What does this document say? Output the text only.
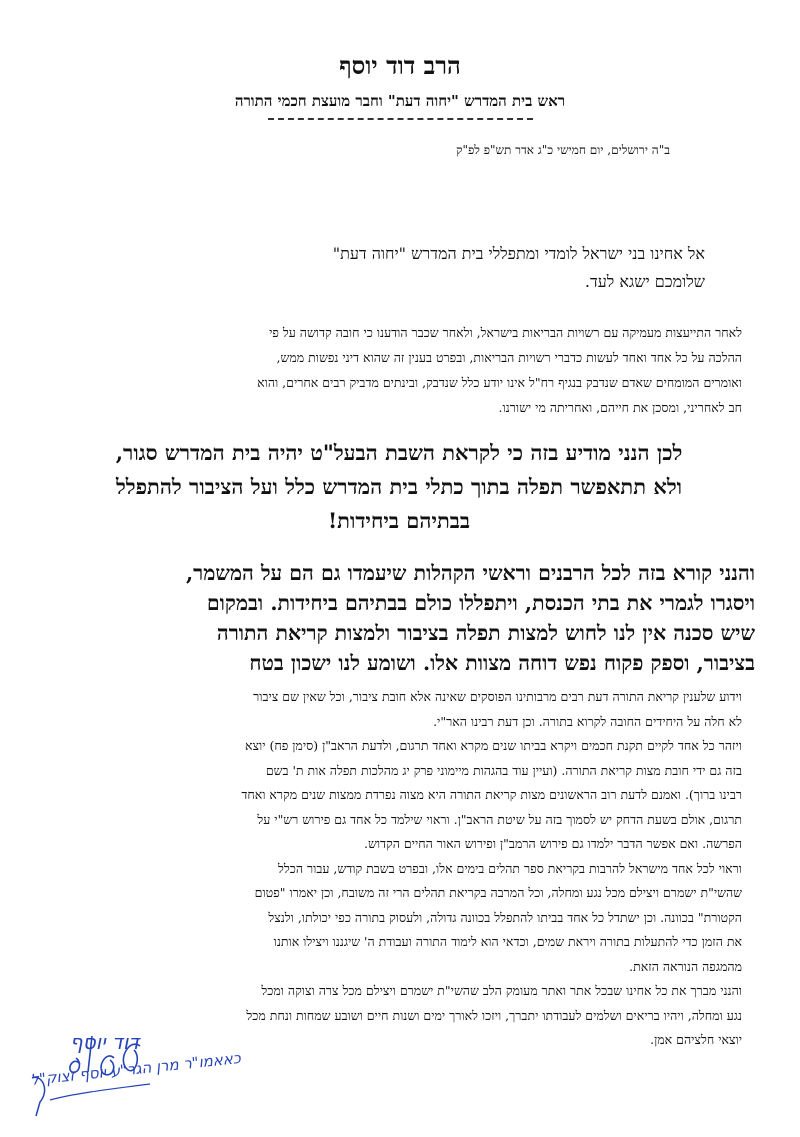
הרב דוד יוסף
ראש בית המדרש "יחוה דעת" וחבר מועצת חכמי התורה
ב"ה ירושלים, יום חמישי כ"ג אדר תש"פ לפ"ק
אל אחינו בני ישראל לומדי ומתפללי בית המדרש "יחוה דעת"
שלומכם ישגא לעד.
לאחר התייעצות מעמיקה עם רשויות הבריאות בישראל, ולאחר שכבר הודענו כי חובה קדושה על פי
ההלכה על כל אחד ואחד לעשות כדברי רשויות הבריאות, ובפרט בענין זה שהוא דיני נפשות ממש,
ואומרים המומחים שאדם שנדבק בנגיף רח"ל אינו יודע כלל שנדבק, ובינתים מדביק רבים אחרים, והוא
חב לאחריני, ומסכן את חייהם, ואחריתה מי ישורנו.
לכן הנני מודיע בזה כי לקראת השבת הבעל"ט יהיה בית המדרש סגור,
ולא תתאפשר תפלה בתוך כתלי בית המדרש כלל ועל הציבור להתפלל
בבתיהם ביחידות!
והנני קורא בזה לכל הרבנים וראשי הקהלות שיעמדו גם הם על המשמר,
ויסגרו לגמרי את בתי הכנסת, ויתפללו כולם בבתיהם ביחידות. ובמקום
שיש סכנה אין לנו לחוש למצות תפלה בציבור ולמצות קריאת התורה
בציבור, וספק פקוח נפש דוחה מצוות אלו. ושומע לנו ישכון בטח
וידוע שלענין קריאת התורה דעת רבים מרבותינו הפוסקים שאינה אלא חובת ציבור, וכל שאין שם ציבור
לא חלה על היחידים החובה לקרוא בתורה. וכן דעת רבינו האר"י.
ויזהר כל אחד לקיים תקנת חכמים ויקרא בביתו שנים מקרא ואחד תרגום, ולדעת הראב"ן (סימן פח) יוצא
בזה גם ידי חובת מצות קריאת התורה. (ועיין עוד בהגהות מיימוני פרק יג מהלכות תפלה אות ת' בשם
רבינו ברוך). ואמנם לדעת רוב הראשונים מצות קריאת התורה היא מצוה נפרדת ממצות שנים מקרא ואחד
תרגום, אולם בשעת הדחק יש לסמוך בזה על שיטת הראב"ן. וראוי שילמד כל אחד גם פירוש רש"י על
הפרשה. ואם אפשר הדבר ילמדו גם פירוש הרמב"ן ופירוש האור החיים הקדוש.
וראוי לכל אחד מישראל להרבות בקריאת ספר תהלים בימים אלו, ובפרט בשבת קודש, עבור הכלל
שהשי"ת ישמרם ויצילם מכל נגע ומחלה, וכל המרבה בקריאת תהלים הרי זה משובח, וכן יאמרו "פטום
הקטורת" בכוונה. וכן ישתדל כל אחד בביתו להתפלל בכוונה גדולה, ולעסוק בתורה כפי יכולתו, ולנצל
את הזמן כדי להתעלות בתורה ויראת שמים, וכדאי הוא לימוד התורה ועבודת ה' שיגננו ויצילו אותנו
מהמגפה הנוראה הזאת.
והנני מברך את כל אחינו שבכל אתר ואתר מעומק הלב שהשי"ת ישמרם ויצילם מכל צרה וצוקה ומכל
נגע ומחלה, ויהיו בריאים ושלמים לעבודתו יתברך, ויזכו לאורך ימים ושנות חיים ושובע שמחות ונחת מכל
יוצאי חלציהם אמן.
דוד יוסף
כאאמו"ר מרן הגר"ע יוסף זצוק"ל
